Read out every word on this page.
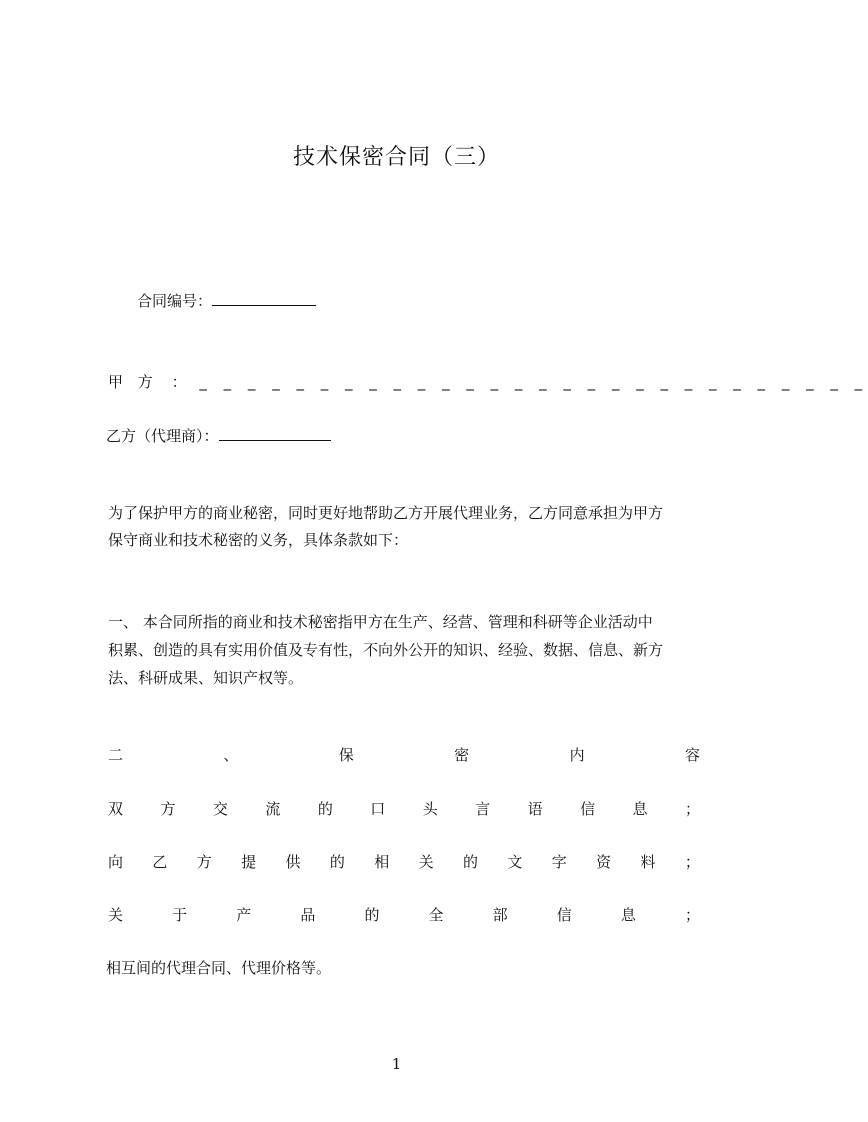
技术保密合同（三）
合同编号：
甲 方 ： _ _ _ _ _ _ _ _ _ _ _ _ _ _ _ _ _ _ _ _ _ _ _ _ _ _ _ _
乙方（代理商）：
为了保护甲方的商业秘密，同时更好地帮助乙方开展代理业务，乙方同意承担为甲方
保守商业和技术秘密的义务，具体条款如下：
一、 本合同所指的商业和技术秘密指甲方在生产、经营、管理和科研等企业活动中
积累、创造的具有实用价值及专有性，不向外公开的知识、经验、数据、信息、新方
法、科研成果、知识产权等。
二	、	保	密	内	容
双 方 交 流 的 口 头 言 语 信 息 ；
向 乙 方 提 供 的 相 关 的 文 字 资 料 ；
关	于	产	品	的	全	部	信	息	；
相互间的代理合同、代理价格等。
1
